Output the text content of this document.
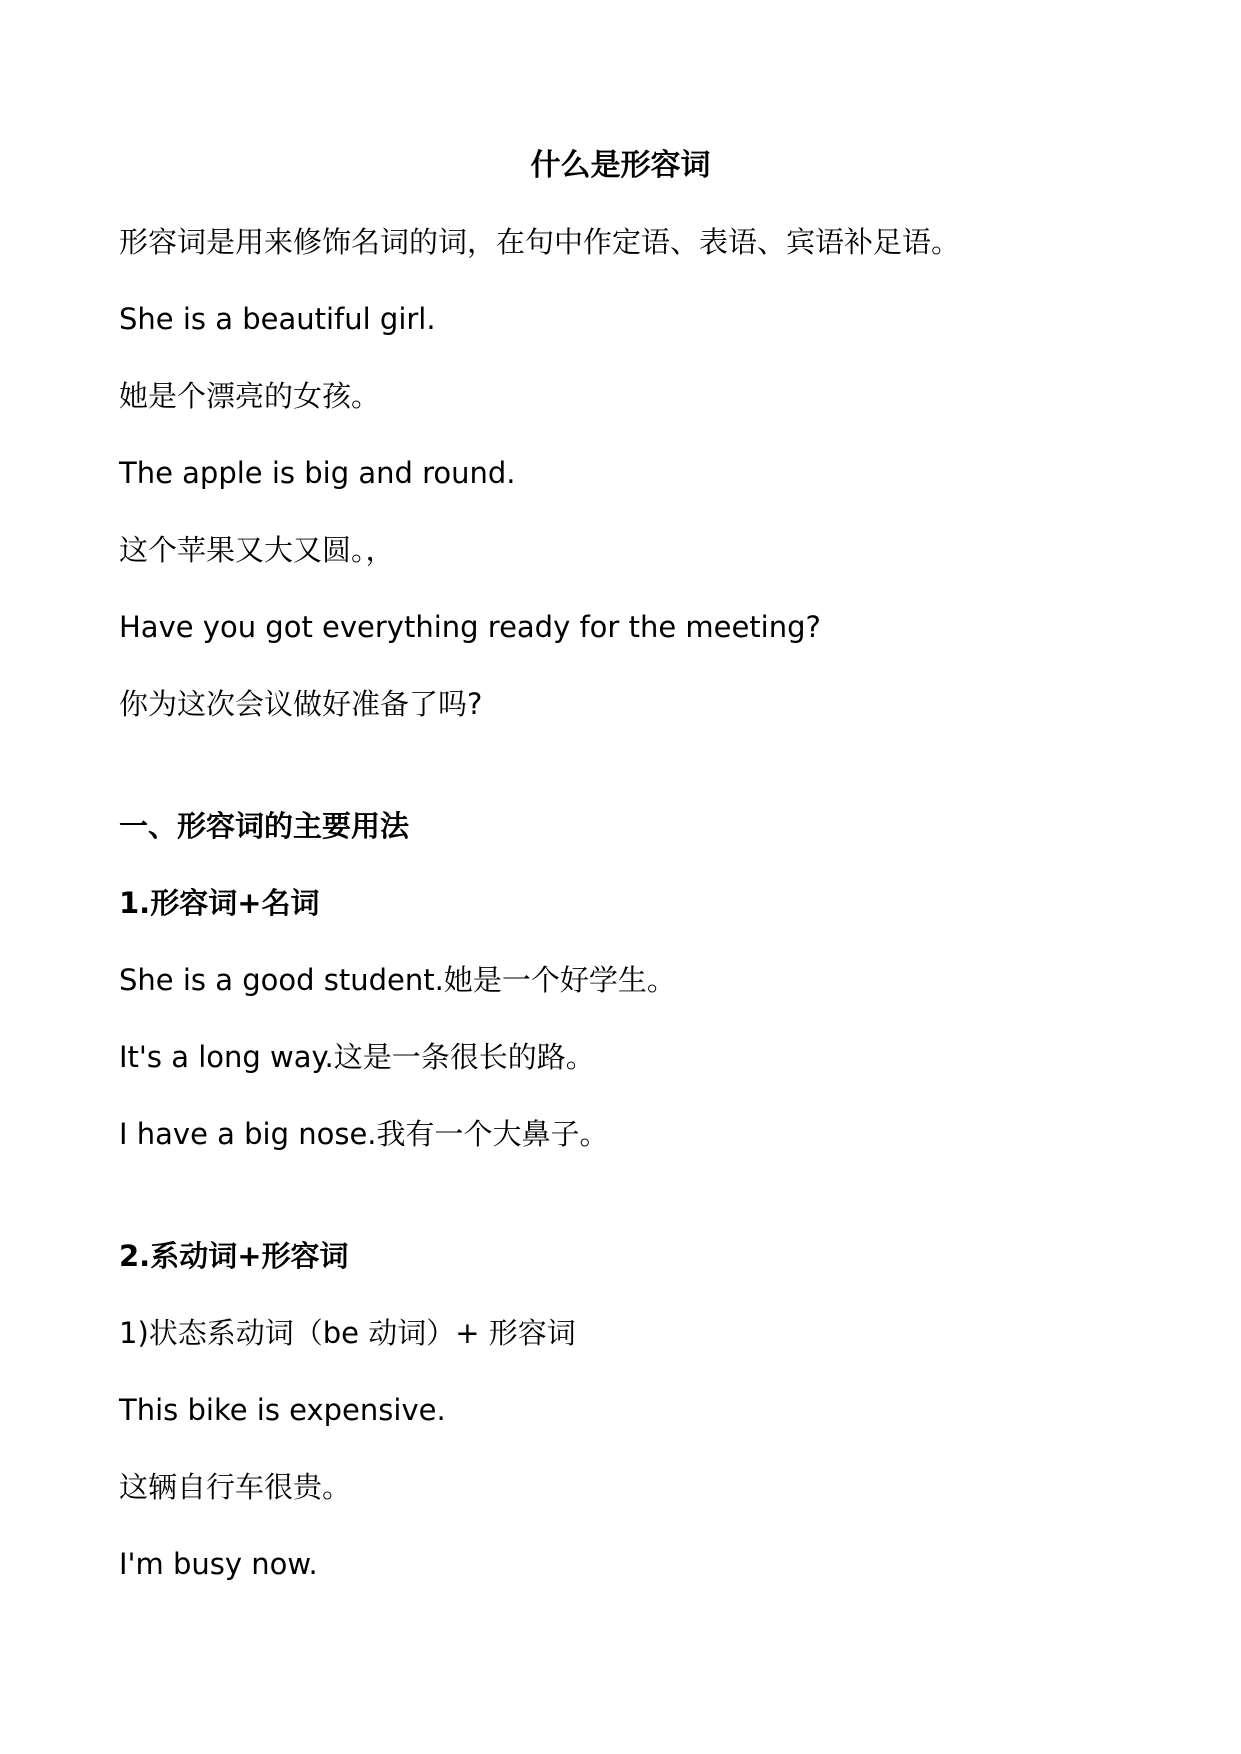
什么是形容词

形容词是用来修饰名词的词，在句中作定语、表语、宾语补足语。

She is a beautiful girl.

她是个漂亮的女孩。

The apple is big and round.

这个苹果又大又圆。，

Have you got everything ready for the meeting?

你为这次会议做好准备了吗?

一、形容词的主要用法
1.形容词+名词

She is a good student.她是一个好学生。

It's a long way.这是一条很长的路。

I have a big nose.我有一个大鼻子。

2.系动词+形容词

1)状态系动词（be 动词）+ 形容词

This bike is expensive.

这辆自行车很贵。

I'm busy now.
